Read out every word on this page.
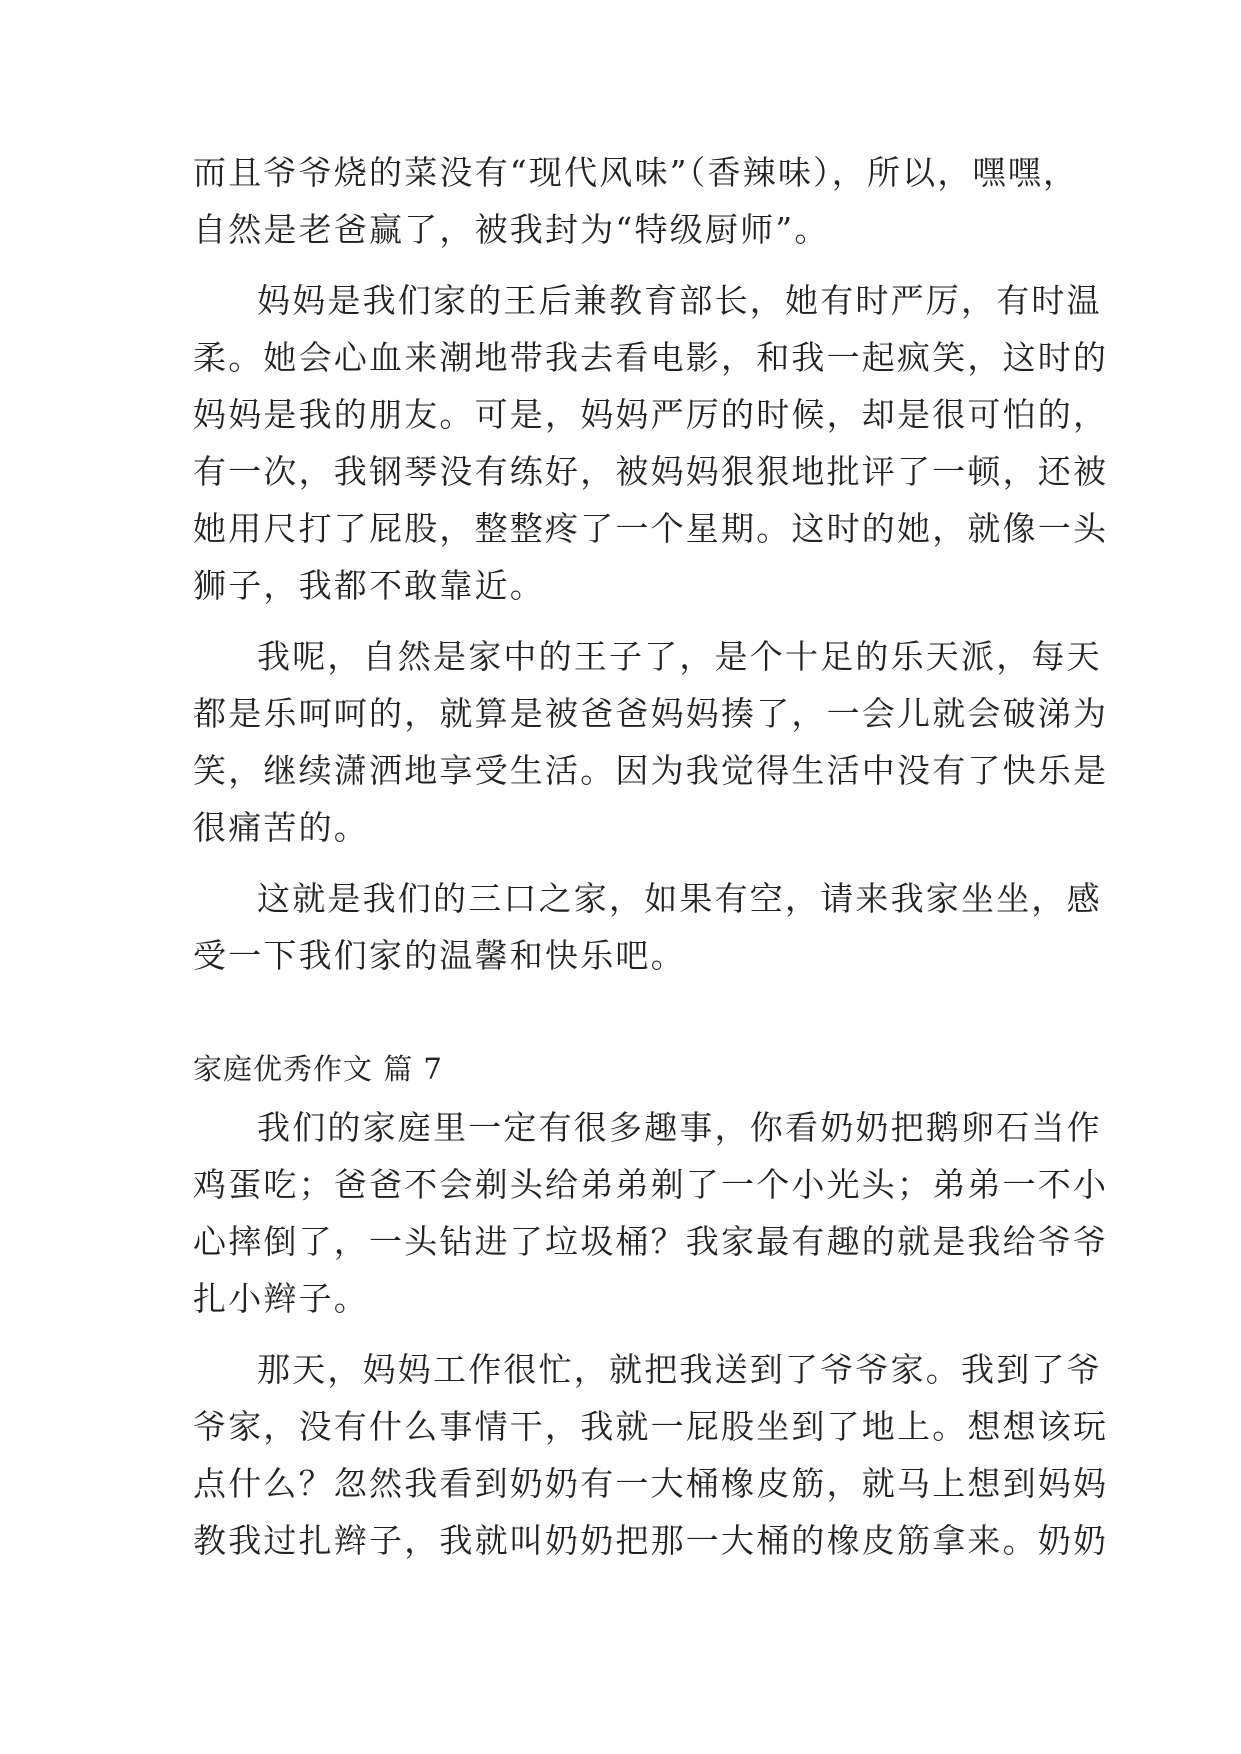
而且爷爷烧的菜没有“现代风味”（香辣味），所以，嘿嘿，
自然是老爸赢了，被我封为“特级厨师”。
妈妈是我们家的王后兼教育部长，她有时严厉，有时温
柔。她会心血来潮地带我去看电影，和我一起疯笑，这时的
妈妈是我的朋友。可是，妈妈严厉的时候，却是很可怕的，
有一次，我钢琴没有练好，被妈妈狠狠地批评了一顿，还被
她用尺打了屁股，整整疼了一个星期。这时的她，就像一头
狮子，我都不敢靠近。
我呢，自然是家中的王子了，是个十足的乐天派，每天
都是乐呵呵的，就算是被爸爸妈妈揍了，一会儿就会破涕为
笑，继续潇洒地享受生活。因为我觉得生活中没有了快乐是
很痛苦的。
这就是我们的三口之家，如果有空，请来我家坐坐，感
受一下我们家的温馨和快乐吧。
家庭优秀作文 篇 7
我们的家庭里一定有很多趣事，你看奶奶把鹅卵石当作
鸡蛋吃；爸爸不会剃头给弟弟剃了一个小光头；弟弟一不小
心摔倒了，一头钻进了垃圾桶？我家最有趣的就是我给爷爷
扎小辫子。
那天，妈妈工作很忙，就把我送到了爷爷家。我到了爷
爷家，没有什么事情干，我就一屁股坐到了地上。想想该玩
点什么？忽然我看到奶奶有一大桶橡皮筋，就马上想到妈妈
教我过扎辫子，我就叫奶奶把那一大桶的橡皮筋拿来。奶奶
